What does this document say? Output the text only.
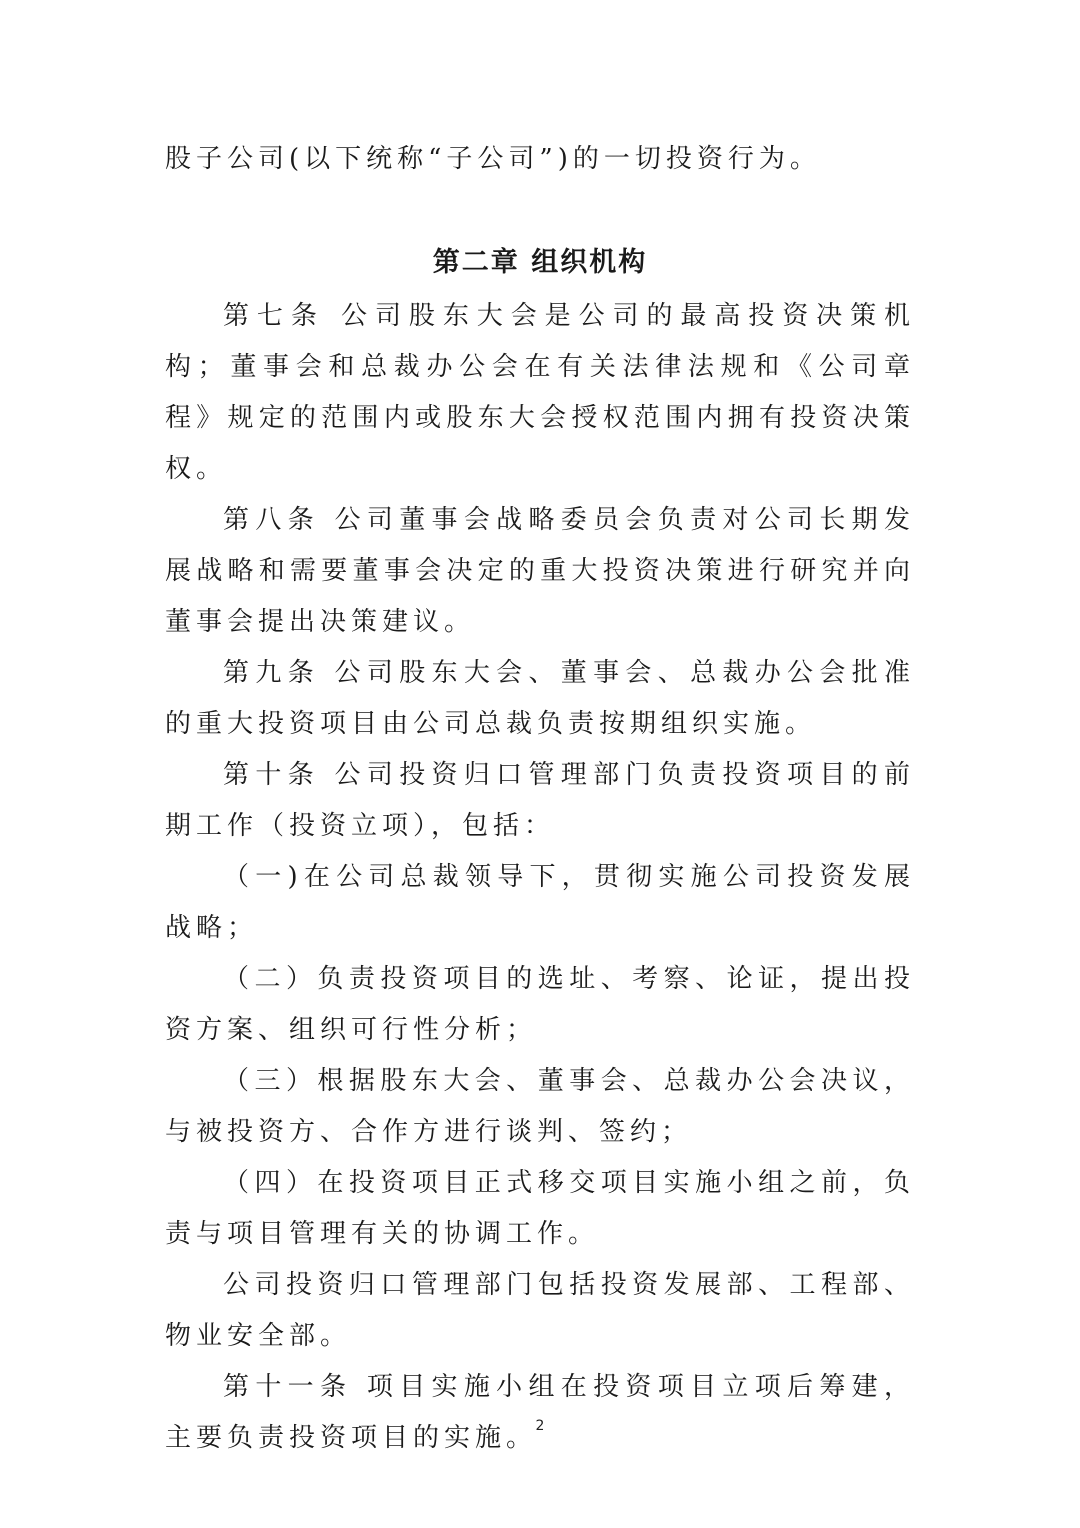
股子公司(以下统称“子公司”)的一切投资行为。

第二章 组织机构

第七条 公司股东大会是公司的最高投资决策机构；董事会和总裁办公会在有关法律法规和《公司章程》规定的范围内或股东大会授权范围内拥有投资决策权。

第八条 公司董事会战略委员会负责对公司长期发展战略和需要董事会决定的重大投资决策进行研究并向董事会提出决策建议。

第九条 公司股东大会、董事会、总裁办公会批准的重大投资项目由公司总裁负责按期组织实施。

第十条 公司投资归口管理部门负责投资项目的前期工作（投资立项），包括：

（一)在公司总裁领导下，贯彻实施公司投资发展战略；

（二）负责投资项目的选址、考察、论证，提出投资方案、组织可行性分析；

（三）根据股东大会、董事会、总裁办公会决议，与被投资方、合作方进行谈判、签约；

（四）在投资项目正式移交项目实施小组之前，负责与项目管理有关的协调工作。

公司投资归口管理部门包括投资发展部、工程部、物业安全部。

第十一条 项目实施小组在投资项目立项后筹建，主要负责投资项目的实施。

2
